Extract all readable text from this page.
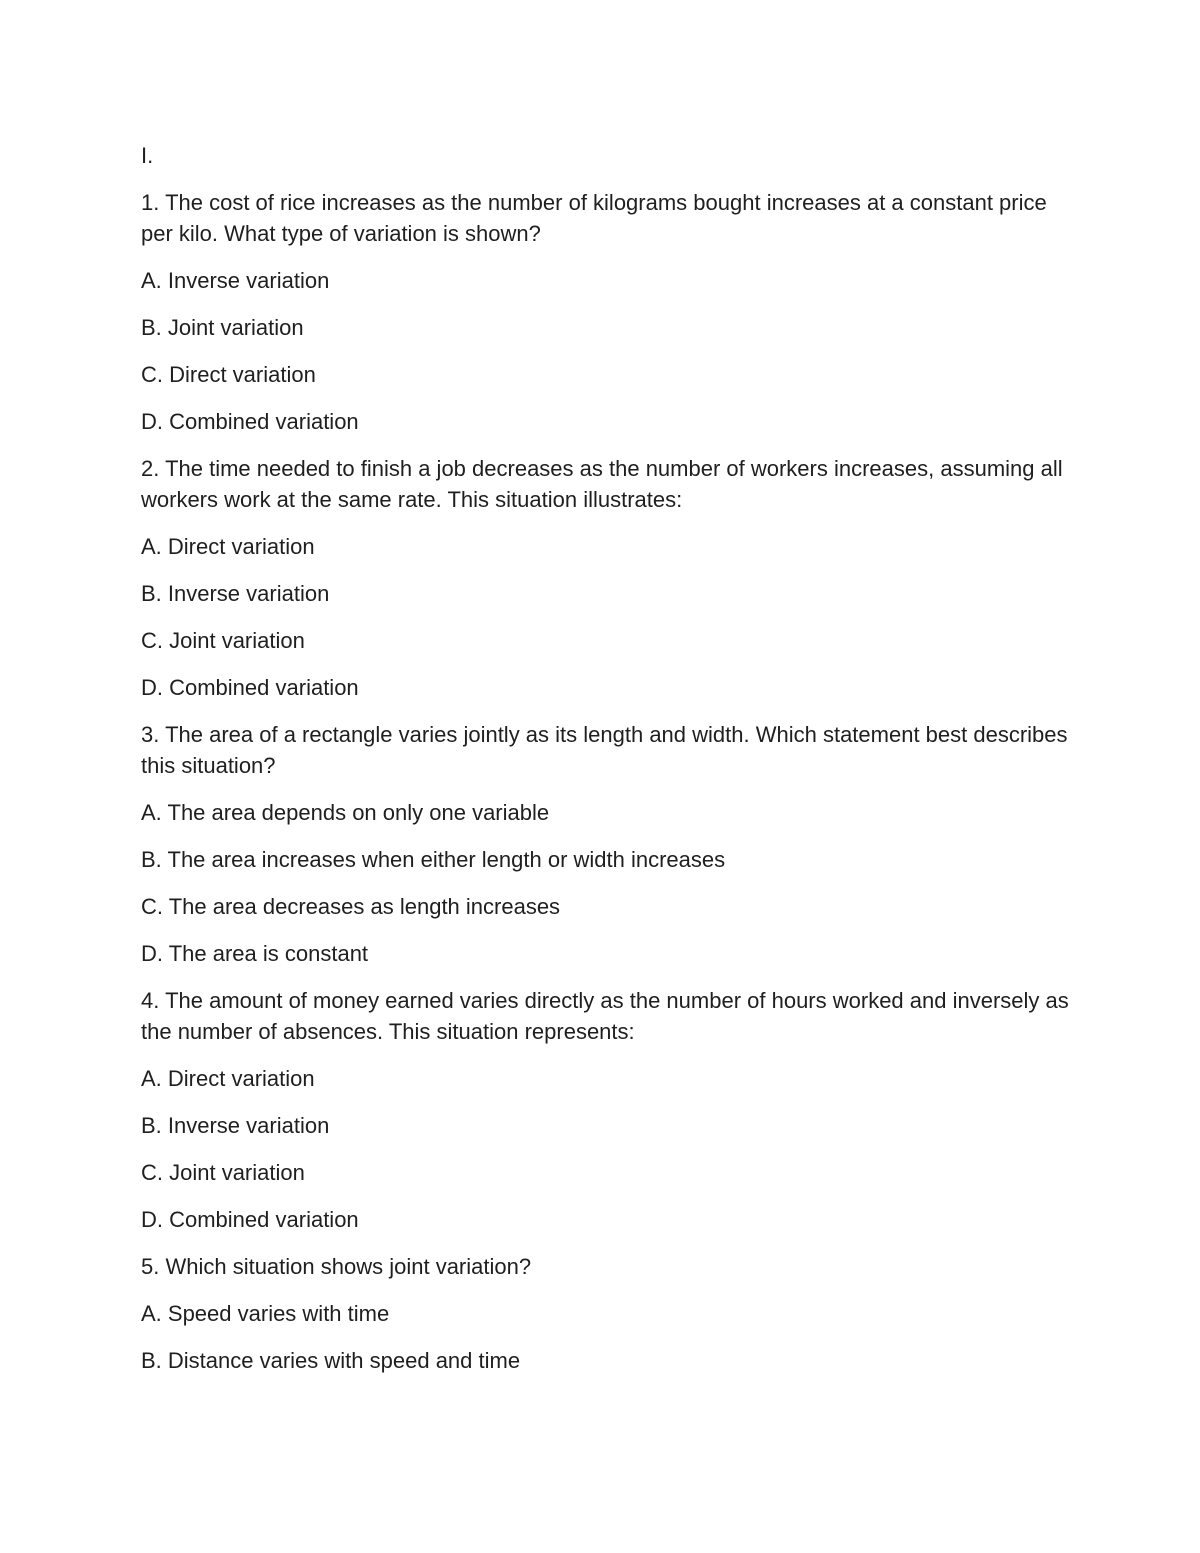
I.

1. The cost of rice increases as the number of kilograms bought increases at a constant price per kilo. What type of variation is shown?

A. Inverse variation

B. Joint variation

C. Direct variation

D. Combined variation

2. The time needed to finish a job decreases as the number of workers increases, assuming all workers work at the same rate. This situation illustrates:

A. Direct variation

B. Inverse variation

C. Joint variation

D. Combined variation

3. The area of a rectangle varies jointly as its length and width. Which statement best describes this situation?

A. The area depends on only one variable

B. The area increases when either length or width increases

C. The area decreases as length increases

D. The area is constant

4. The amount of money earned varies directly as the number of hours worked and inversely as the number of absences. This situation represents:

A. Direct variation

B. Inverse variation

C. Joint variation

D. Combined variation

5. Which situation shows joint variation?

A. Speed varies with time

B. Distance varies with speed and time
